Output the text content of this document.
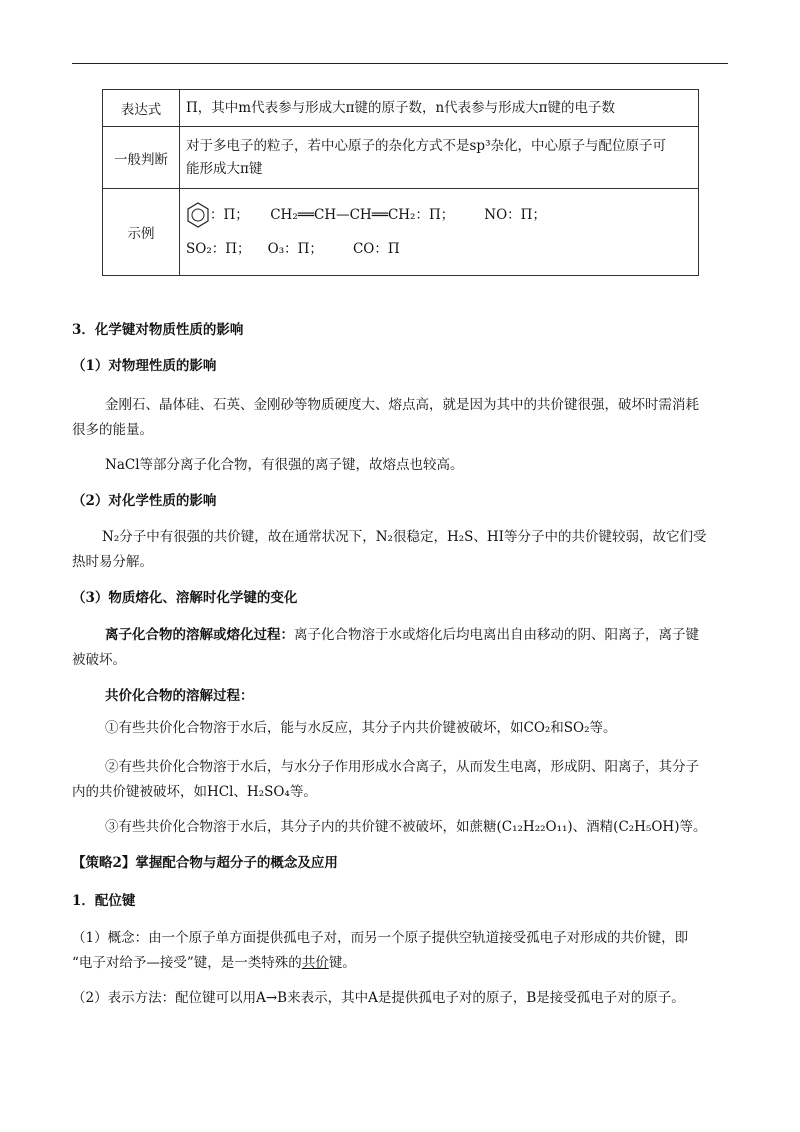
表达式	Π，其中m代表参与形成大π键的原子数，n代表参与形成大π键的电子数
一般判断	对于多电子的粒子，若中心原子的杂化方式不是sp³杂化，中心原子与配位原子可
能形成大π键

示例	：Π；     CH₂══CH—CH══CH₂：Π；       NO：Π；
SO₂：Π；    O₃：Π；       CO：Π
3．化学键对物质性质的影响
（1）对物理性质的影响
金刚石、晶体硅、石英、金刚砂等物质硬度大、熔点高，就是因为其中的共价键很强，破坏时需消耗
很多的能量。
NaCl等部分离子化合物，有很强的离子键，故熔点也较高。
（2）对化学性质的影响
N₂分子中有很强的共价键，故在通常状况下，N₂很稳定，H₂S、HI等分子中的共价键较弱，故它们受
热时易分解。
（3）物质熔化、溶解时化学键的变化
离子化合物的溶解或熔化过程：离子化合物溶于水或熔化后均电离出自由移动的阴、阳离子，离子键
被破坏。
共价化合物的溶解过程：
①有些共价化合物溶于水后，能与水反应，其分子内共价键被破坏，如CO₂和SO₂等。
②有些共价化合物溶于水后，与水分子作用形成水合离子，从而发生电离，形成阴、阳离子，其分子
内的共价键被破坏，如HCl、H₂SO₄等。
③有些共价化合物溶于水后，其分子内的共价键不被破坏，如蔗糖(C₁₂H₂₂O₁₁)、酒精(C₂H₅OH)等。
【策略2】掌握配合物与超分子的概念及应用
1．配位键
（1）概念：由一个原子单方面提供孤电子对，而另一个原子提供空轨道接受孤电子对形成的共价键，即
“电子对给予—接受”键，是一类特殊的共价键。
（2）表示方法：配位键可以用A→B来表示，其中A是提供孤电子对的原子，B是接受孤电子对的原子。
